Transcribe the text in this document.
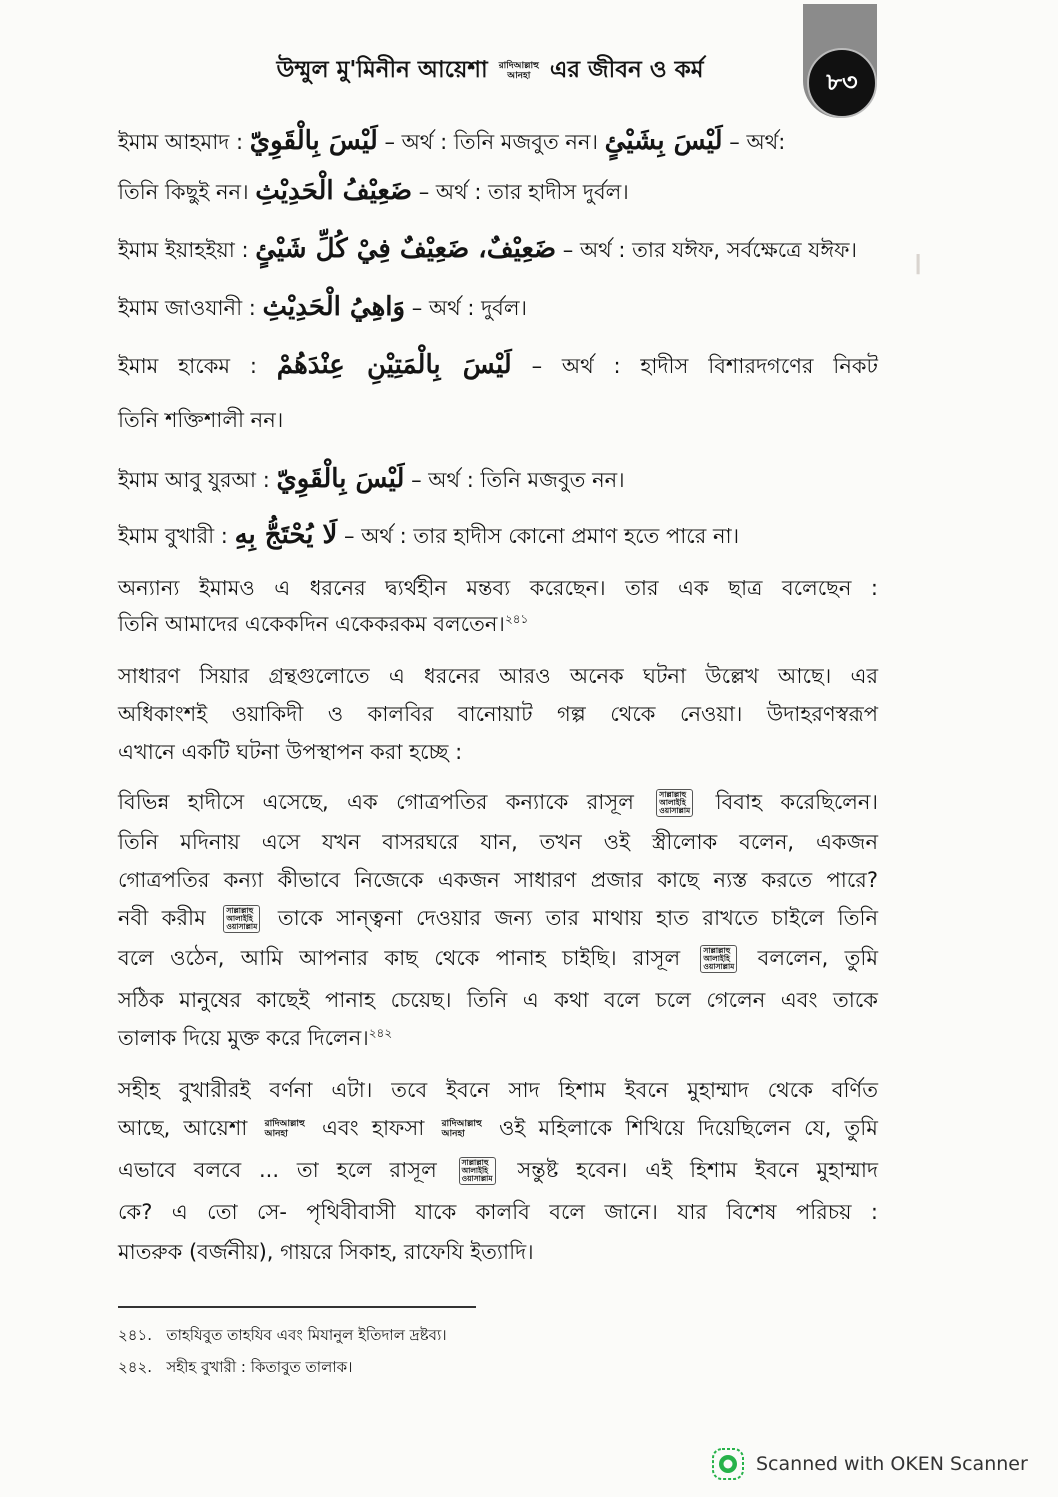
▕▏
উম্মুল মু'মিনীন আয়েশা রাদিআল্লাহু
আনহা এর জীবন ও কর্ম	৮৩
ইমাম আহমাদ : لَيْسَ بِالْقَوِيّ – অর্থ : তিনি মজবুত নন। لَيْسَ بِشَيْئٍ – অর্থ:
তিনি কিছুই নন। ضَعِيْفُ الْحَدِيْثِ – অর্থ : তার হাদীস দুর্বল।
ইমাম ইয়াহইয়া : ضَعِيْفٌ، ضَعِيْفٌ فِيْ كُلِّ شَيْئٍ – অর্থ : তার যঈফ, সর্বক্ষেত্রে যঈফ।
ইমাম জাওযানী : وَاهِيُ الْحَدِيْثِ – অর্থ : দুর্বল।
ইমাম হাকেম : لَيْسَ بِالْمَتِيْنِ عِنْدَهُمْ – অর্থ : হাদীস বিশারদগণের নিকট
তিনি শক্তিশালী নন।
ইমাম আবু যুরআ : لَيْسَ بِالْقَوِيّ – অর্থ : তিনি মজবুত নন।
ইমাম বুখারী : لَا يُحْتَجُّ بِهِ – অর্থ : তার হাদীস কোনো প্রমাণ হতে পারে না।
অন্যান্য ইমামও এ ধরনের দ্ব্যর্থহীন মন্তব্য করেছেন। তার এক ছাত্র বলেছেন :
তিনি আমাদের একেকদিন একেকরকম বলতেন।$^{২৪১}$
সাধারণ সিয়ার গ্রন্থগুলোতে এ ধরনের আরও অনেক ঘটনা উল্লেখ আছে। এর
অধিকাংশই ওয়াকিদী ও কালবির বানোয়াট গল্প থেকে নেওয়া। উদাহরণস্বরূপ
এখানে একটি ঘটনা উপস্থাপন করা হচ্ছে :
বিভিন্ন হাদীসে এসেছে, এক গোত্রপতির কন্যাকে রাসূল	সাল্লাল্লাহু
আলাইহি
ওয়াসাল্লাম বিবাহ করেছিলেন।
তিনি মদিনায় এসে যখন বাসরঘরে যান, তখন ওই স্ত্রীলোক বলেন, একজন
গোত্রপতির কন্যা কীভাবে নিজেকে একজন সাধারণ প্রজার কাছে ন্যস্ত করতে পারে?
নবী করীম	সাল্লাল্লাহু
আলাইহি
ওয়াসাল্লাম তাকে সান্ত্বনা দেওয়ার জন্য তার মাথায় হাত রাখতে চাইলে তিনি
বলে ওঠেন, আমি আপনার কাছ থেকে পানাহ চাইছি। রাসূল	সাল্লাল্লাহু
আলাইহি
ওয়াসাল্লাম বললেন, তুমি
সঠিক মানুষের কাছেই পানাহ চেয়েছ। তিনি এ কথা বলে চলে গেলেন এবং তাকে
তালাক দিয়ে মুক্ত করে দিলেন।$^{২৪২}$
সহীহ বুখারীরই বর্ণনা এটা। তবে ইবনে সাদ হিশাম ইবনে মুহাম্মাদ থেকে বর্ণিত
আছে, আয়েশা রাদিআল্লাহু
আনহা এবং হাফসা রাদিআল্লাহু
আনহা ওই মহিলাকে শিখিয়ে দিয়েছিলেন যে, তুমি
এভাবে বলবে ... তা হলে রাসূল	সাল্লাল্লাহু
আলাইহি
ওয়াসাল্লাম সন্তুষ্ট হবেন। এই হিশাম ইবনে মুহাম্মাদ
কে? এ তো সে- পৃথিবীবাসী যাকে কালবি বলে জানে। যার বিশেষ পরিচয় :
মাতরুক (বর্জনীয়), গায়রে সিকাহ, রাফেযি ইত্যাদি।
২৪১. তাহযিবুত তাহযিব এবং মিযানুল ইতিদাল দ্রষ্টব্য।
২৪২. সহীহ বুখারী : কিতাবুত তালাক।
Scanned with OKEN Scanner
